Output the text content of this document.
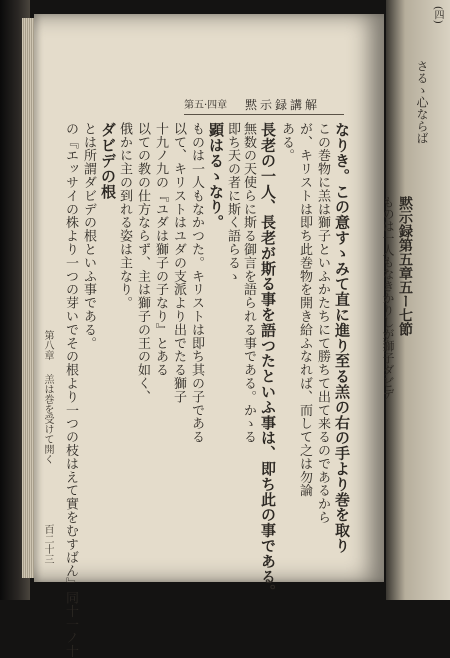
第五·四章 黙示録講解
なりき。この意すゝみて直に進り至る羔の右の手より巻を取り
この巻物に羔は獅子といふかたちにて勝ちて出て来るのであるから
が、キリストは即ち此巻物を開き給ふなれば、而して之は勿論
ある。
長老の一人、長老が斯る事を語つたといふ事は、即ち此の事である。
無数の天使らに斯る御言を語られる事である。かゝる
即ち天の者に斯く語らるゝ
顕はるゝなり。
ものは一人もなかつた。キリストは即ち其の子である
以て、キリストはユダの支派より出でたる獅子
十九ノ九の『ユダは獅子の子なり』とある
以ての教の仕方ならず、主は獅子の王の如く、
俄かに主の到れる姿は主なり。
ダビデの根
とは所謂ダビデの根といふ事である。
の『エッサイの株より一つの芽いでその根より一つの枝はえて實をむすばん』同十一ノ十
第八章
羔は巻を受けて開く
百二十三
(四)
さるゝ心ならば
黙示録第五章五ー七節
ものは一人もなきかりしが獅子ダビデ
